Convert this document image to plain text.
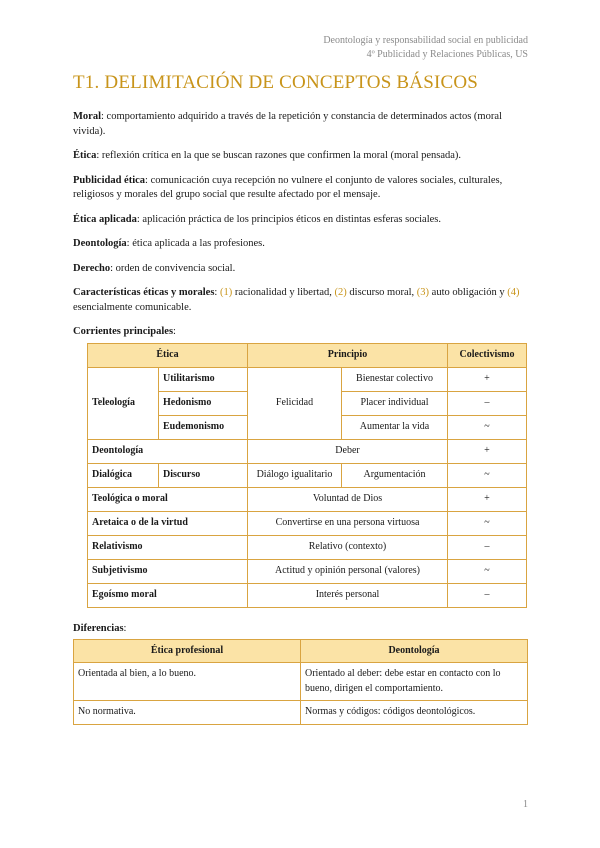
Deontología y responsabilidad social en publicidad
4º Publicidad y Relaciones Públicas, US
T1. DELIMITACIÓN DE CONCEPTOS BÁSICOS

Moral: comportamiento adquirido a través de la repetición y constancia de determinados actos (moral vivida).

Ética: reflexión crítica en la que se buscan razones que confirmen la moral (moral pensada).

Publicidad ética: comunicación cuya recepción no vulnere el conjunto de valores sociales, culturales, religiosos y morales del grupo social que resulte afectado por el mensaje.

Ética aplicada: aplicación práctica de los principios éticos en distintas esferas sociales.

Deontología: ética aplicada a las profesiones.

Derecho: orden de convivencia social.

Características éticas y morales: (1) racionalidad y libertad, (2) discurso moral, (3) auto obligación y (4) esencialmente comunicable.

Corrientes principales:

Ética		Principio		Colectivismo
Teleología	Utilitarismo	Felicidad	Bienestar colectivo	+
	Hedonismo		Placer individual	–
	Eudemonismo		Aumentar la vida	~
Deontología		Deber		+
Dialógica	Discurso	Diálogo igualitario	Argumentación	~
Teológica o moral		Voluntad de Dios		+
Aretaica o de la virtud		Convertirse en una persona virtuosa		~
Relativismo		Relativo (contexto)		–
Subjetivismo		Actitud y opinión personal (valores)		~
Egoísmo moral		Interés personal		–

Diferencias:

Ética profesional	Deontología
Orientada al bien, a lo bueno.	Orientado al deber: debe estar en contacto con lo bueno, dirigen el comportamiento.
No normativa.	Normas y códigos: códigos deontológicos.
1
